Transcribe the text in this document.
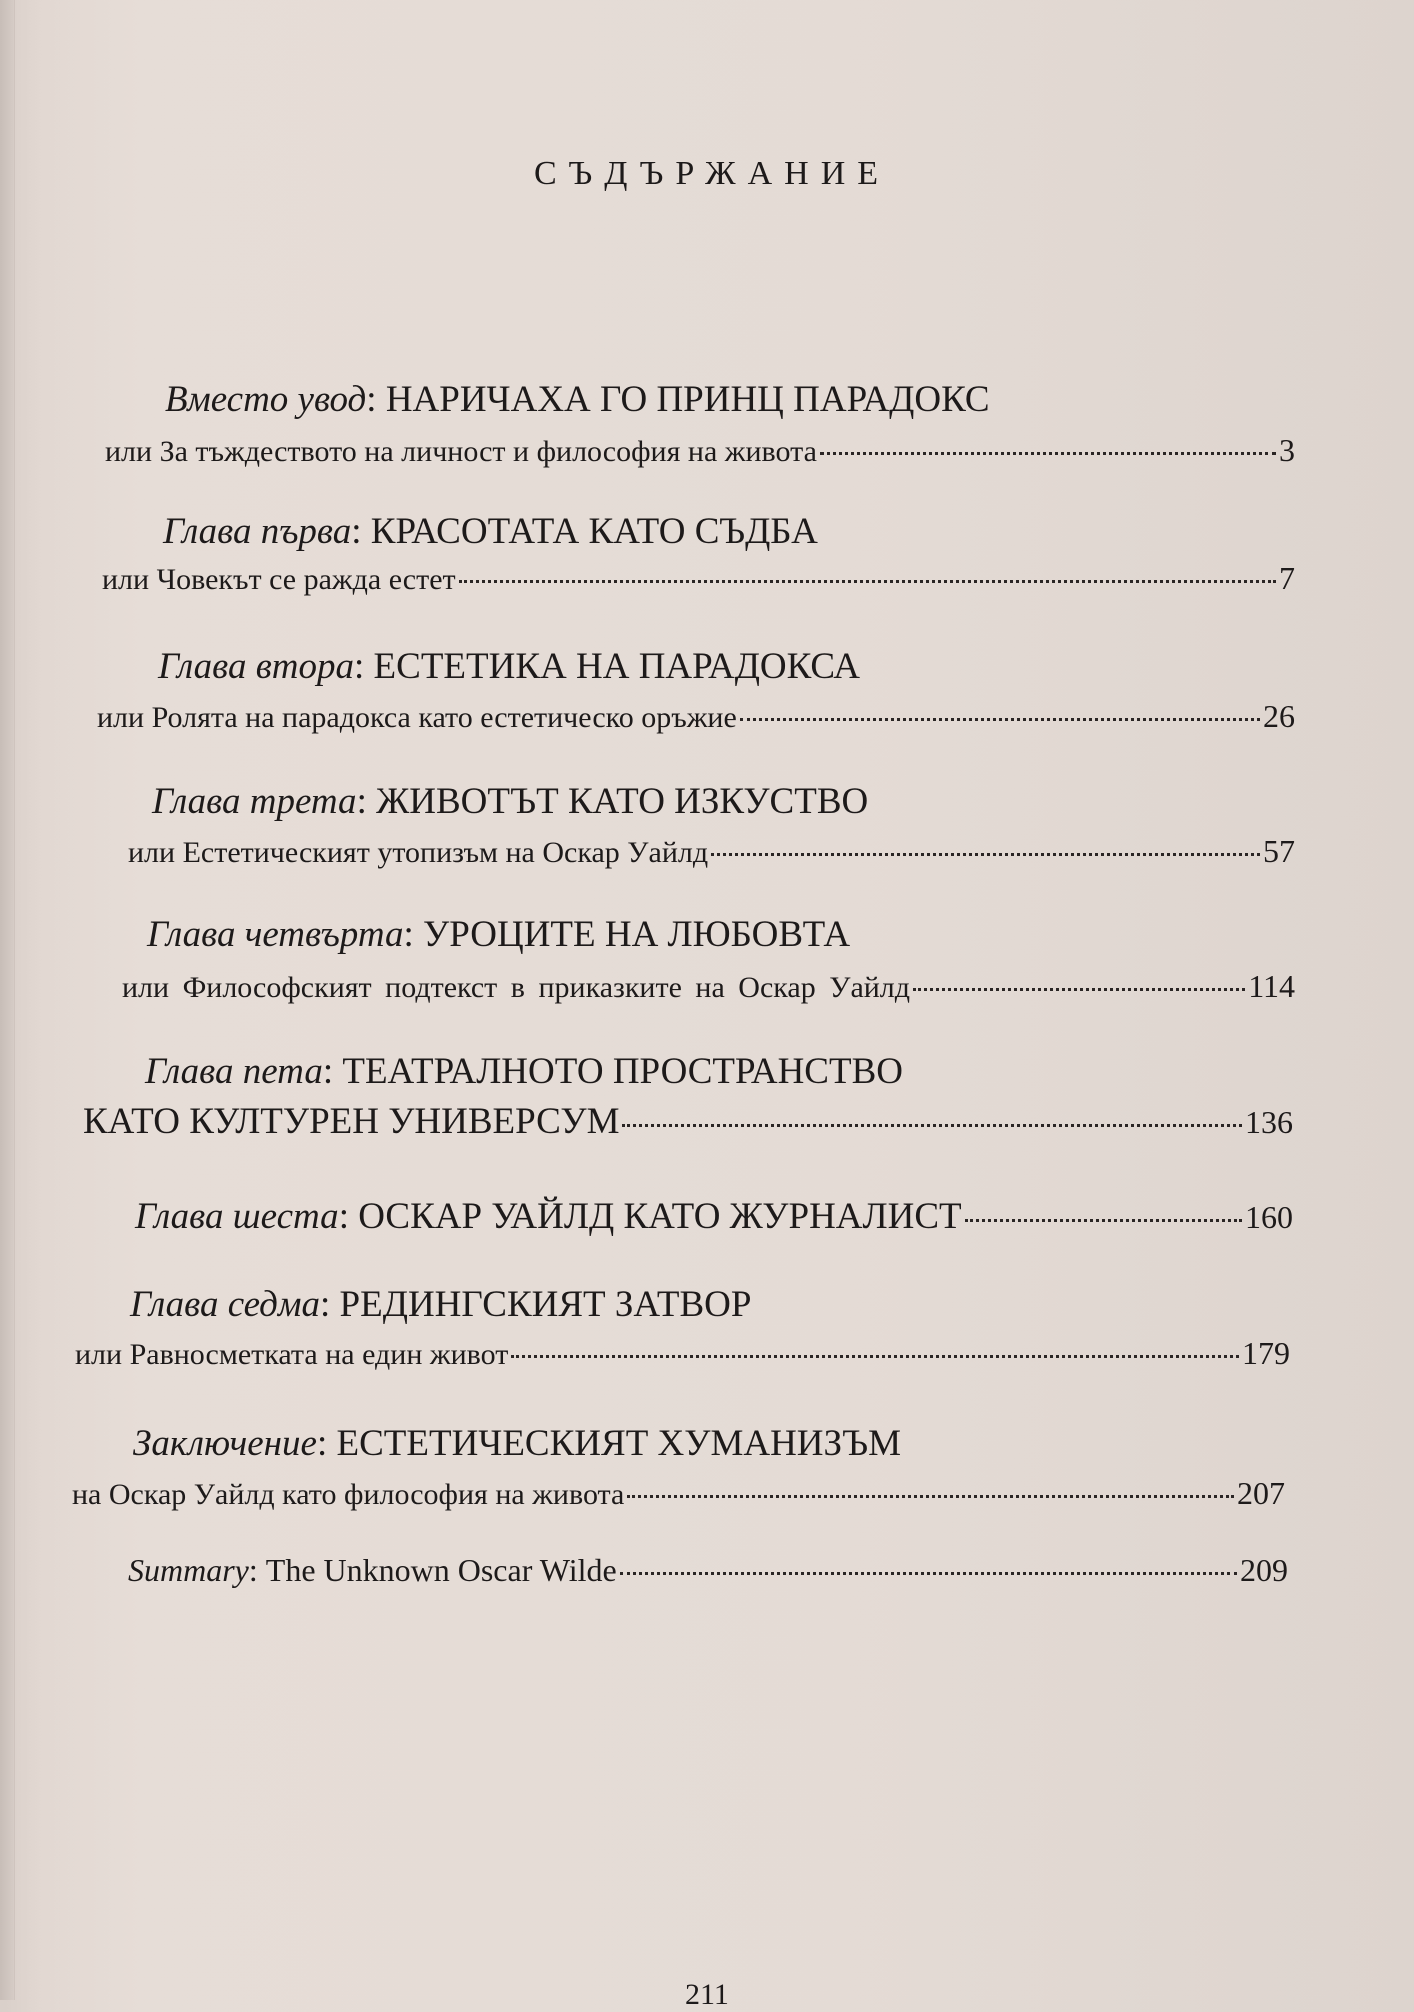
СЪДЪРЖАНИЕ
Вместо увод: НАРИЧАХА ГО ПРИНЦ ПАРАДОКС
или За тъждеството на личност и философия на живота	3
Глава първа: КРАСОТАТА КАТО СЪДБА
или Човекът се ражда естет	7
Глава втора: ЕСТЕТИКА НА ПАРАДОКСА
или Ролята на парадокса като естетическо оръжие	26
Глава трета: ЖИВОТЪТ КАТО ИЗКУСТВО
или Естетическият утопизъм на Оскар Уайлд	57
Глава четвърта: УРОЦИТЕ НА ЛЮБОВТА
или Философският подтекст в приказките на Оскар Уайлд	114
Глава пета: ТЕАТРАЛНОТО ПРОСТРАНСТВО
КАТО КУЛТУРЕН УНИВЕРСУМ	136
Глава шеста : ОСКАР УАЙЛД КАТО ЖУРНАЛИСТ	160
Глава седма: РЕДИНГСКИЯТ ЗАТВОР
или Равносметката на един живот	179
Заключение: ЕСТЕТИЧЕСКИЯТ ХУМАНИЗЪМ
на Оскар Уайлд като философия на живота	207
Summary : The Unknown Oscar Wilde	209
211
